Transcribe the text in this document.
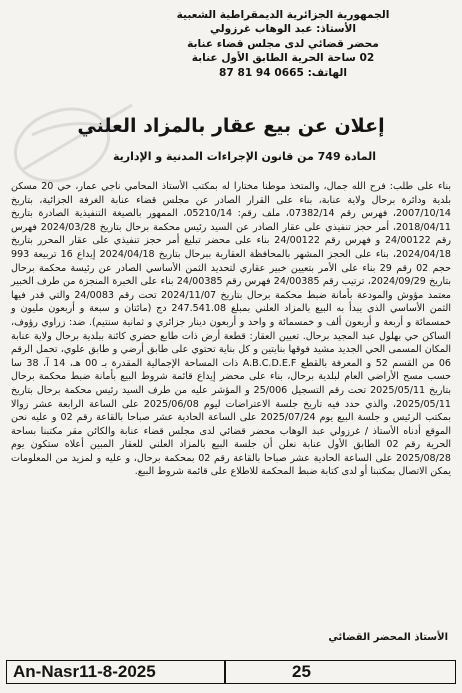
الجمهورية الجزائرية الديمقراطية الشعبية
الأستاذ: عبد الوهاب غرزولي
محضر قضائي لدى مجلس قضاء عنابة
02 ساحة الحرية الطابق الأول عنابة
الهاتف: 0665 94 81 87
إعلان عن بيع عقار بالمزاد العلني
المادة 749 من قانون الإجراءات المدنية و الإدارية

بناء على طلب: فرح الله جمال، والمتخذ موطنا مختارا له بمكتب الأستاذ المحامي ناجي عمار، حي 20 مسكن بلدية ودائرة برحال ولاية عنابة، بناء على القرار الصادر عن مجلس قضاء عنابة الغرفة الجزائية، بتاريخ 2007/10/14، فهرس رقم 07382/14، ملف رقم: 05210/14، الممهور بالصيغة التنفيذية الصادرة بتاريخ 2018/04/11، أمر حجز تنفيذي على عقار الصادر عن السيد رئيس محكمة برحال بتاريخ 2024/03/28 فهرس رقم 24/00122 و فهرس رقم 24/00122 بناء على محضر تبليغ أمر حجز تنفيذي على عقار المحرر بتاريخ 2024/04/18، بناء على الحجز المشهر بالمحافظة العقارية ببرحال بتاريخ 2024/04/18 إيداع 16 تربيعة 993 حجم 02 رقم 29 بناء على الأمر بتعيين خبير عقاري لتحديد الثمن الأساسي الصادر عن رئيسة محكمة برحال بتاريخ 2024/09/29، ترتيب رقم 24/00385 فهرس رقم 24/00385 بناء على الخبرة المنجزة من طرف الخبير معتمد مؤوش والمودعة بأمانة ضبط محكمة برحال بتاريخ 2024/11/07 تحت رقم 24/0083 والتي قدر فيها الثمن الأساسي الذي يبدأ به البيع بالمزاد العلني بمبلغ 247.541.08 دج (مائتان و سبعة و أربعون مليون و خمسمائة و أربعة و أربعون ألف و خمسمائة و واحد و أربعون دينار جزائري و ثمانية سنتيم). ضد: زراوي رؤوف، الساكن حي بهلول عبد المجيد برحال. تعيين العقار: قطعة أرض ذات طابع حضري كائنة ببلدية برحال ولاية عنابة المكان المسمى الحي الجديد مشيد فوقها بنايتين و كل بناية تحتوي على طابق أرضي و طابق علوي، تحمل الرقم 06 من القسم 52 و المعرفة بالقطع A.B.C.D.E.F ذات المساحة الإجمالية المقدرة بـ 00 هـ، 14 آ، 38 سا حسب مسح الأراضي العام لبلدية برحال، بناء على محضر إيداع قائمة شروط البيع بأمانة ضبط محكمة برحال بتاريخ 2025/05/11 تحت رقم التسجيل 25/006 و المؤشر عليه من طرف السيد رئيس محكمة برحال بتاريخ 2025/05/11، والذي حدد فيه تاريخ جلسة الاعتراضات ليوم 2025/06/08 على الساعة الرابعة عشر زوالا بمكتب الرئيس و جلسة البيع يوم 2025/07/24 على الساعة الحادية عشر صباحا بالقاعة رقم 02 و عليه نحن الموقع أدناه الأستاذ / غرزولي عبد الوهاب محضر قضائي لدى مجلس قضاء عنابة والكائن مقر مكتبنا بساحة الحرية رقم 02 الطابق الأول عنابة نعلن أن جلسة البيع بالمزاد العلني للعقار المبين أعلاه ستكون يوم 2025/08/28 على الساعة الحادية عشر صباحا بالقاعة رقم 02 بمحكمة برحال، و عليه و لمزيد من المعلومات يمكن الاتصال بمكتبنا أو لدى كتابة ضبط المحكمة للاطلاع على قائمة شروط البيع.

الأستاذ المحضر القضائي
An-Nasr11-8-2025	25
